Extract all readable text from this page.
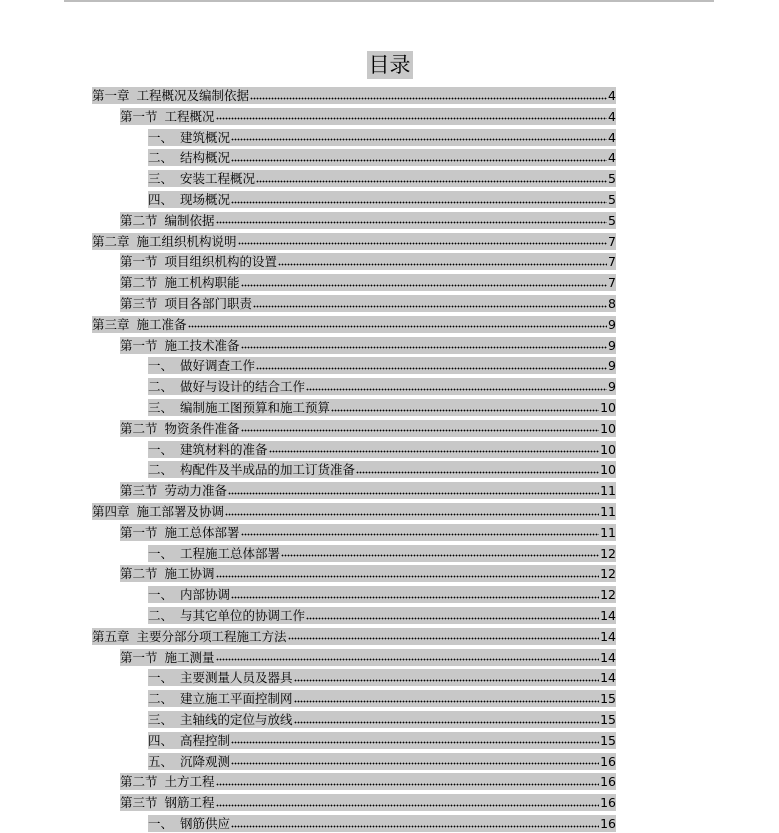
目录
第一章 工程概况及编制依据	4
第一节 工程概况	4
一、 建筑概况	4
二、 结构概况	4
三、 安装工程概况	5
四、 现场概况	5
第二节 编制依据	5
第二章 施工组织机构说明	7
第一节 项目组织机构的设置	7
第二节 施工机构职能	7
第三节 项目各部门职责	8
第三章 施工准备	9
第一节 施工技术准备	9
一、 做好调查工作	9
二、 做好与设计的结合工作	9
三、 编制施工图预算和施工预算	10
第二节 物资条件准备	10
一、 建筑材料的准备	10
二、 构配件及半成品的加工订货准备	10
第三节 劳动力准备	11
第四章 施工部署及协调	11
第一节 施工总体部署	11
一、 工程施工总体部署	12
第二节 施工协调	12
一、 内部协调	12
二、 与其它单位的协调工作	14
第五章 主要分部分项工程施工方法	14
第一节 施工测量	14
一、 主要测量人员及器具	14
二、 建立施工平面控制网	15
三、 主轴线的定位与放线	15
四、 高程控制	15
五、 沉降观测	16
第二节 土方工程	16
第三节 钢筋工程	16
一、 钢筋供应	16
